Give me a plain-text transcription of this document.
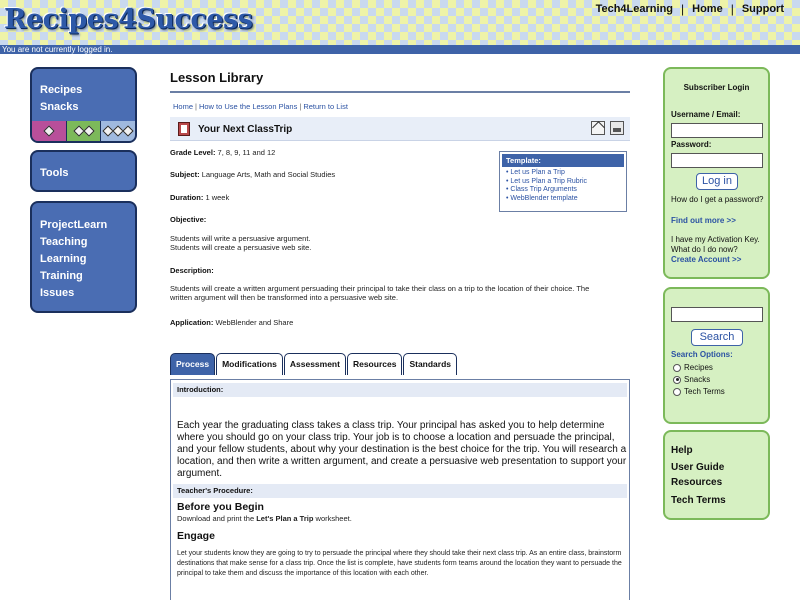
Recipes4Success	Tech4Learning | Home | Support
You are not currently logged in.
Recipes
Snacks
Tools
ProjectLearn
Teaching
Learning
Training
Issues
Lesson Library
Home | How to Use the Lesson Plans | Return to List
Your Next ClassTrip
Grade Level: 7, 8, 9, 11 and 12
Subject: Language Arts, Math and Social Studies
Duration: 1 week
Objective:
Students will write a persuasive argument.
Students will create a persuasive web site.
Description:
Students will create a written argument persuading their principal to take their class on a trip to the location of their choice. The
written argument will then be transformed into a persuasive web site.
Application: WebBlender and Share
Template:
• Let us Plan a Trip
• Let us Plan a Trip Rubric
• Class Trip Arguments
• WebBlender template
Process	Modifications	Assessment	Resources	Standards
Introduction:
Each year the graduating class takes a class trip. Your principal has asked you to help determine where you should go on your class trip. Your job is to choose a location and persuade the principal, and your fellow students, about why your destination is the best choice for the trip. You will research a location, and then write a written argument, and create a persuasive web presentation to support your argument.
Teacher's Procedure:
Before you Begin
Download and print the Let's Plan a Trip worksheet.
Engage
Let your students know they are going to try to persuade the principal where they should take their next class trip. As an entire class, brainstorm destinations that make sense for a class trip. Once the list is complete, have students form teams around the location they want to persuade the principal to take them and discuss the importance of this location with each other.
Subscriber Login
Username / Email:
Password:
Log in
How do I get a password?
Find out more >>
I have my Activation Key. What do I do now?
Create Account >>
Search
Search Options:
Recipes
Snacks
Tech Terms
Help
User Guide
Resources
Tech Terms
